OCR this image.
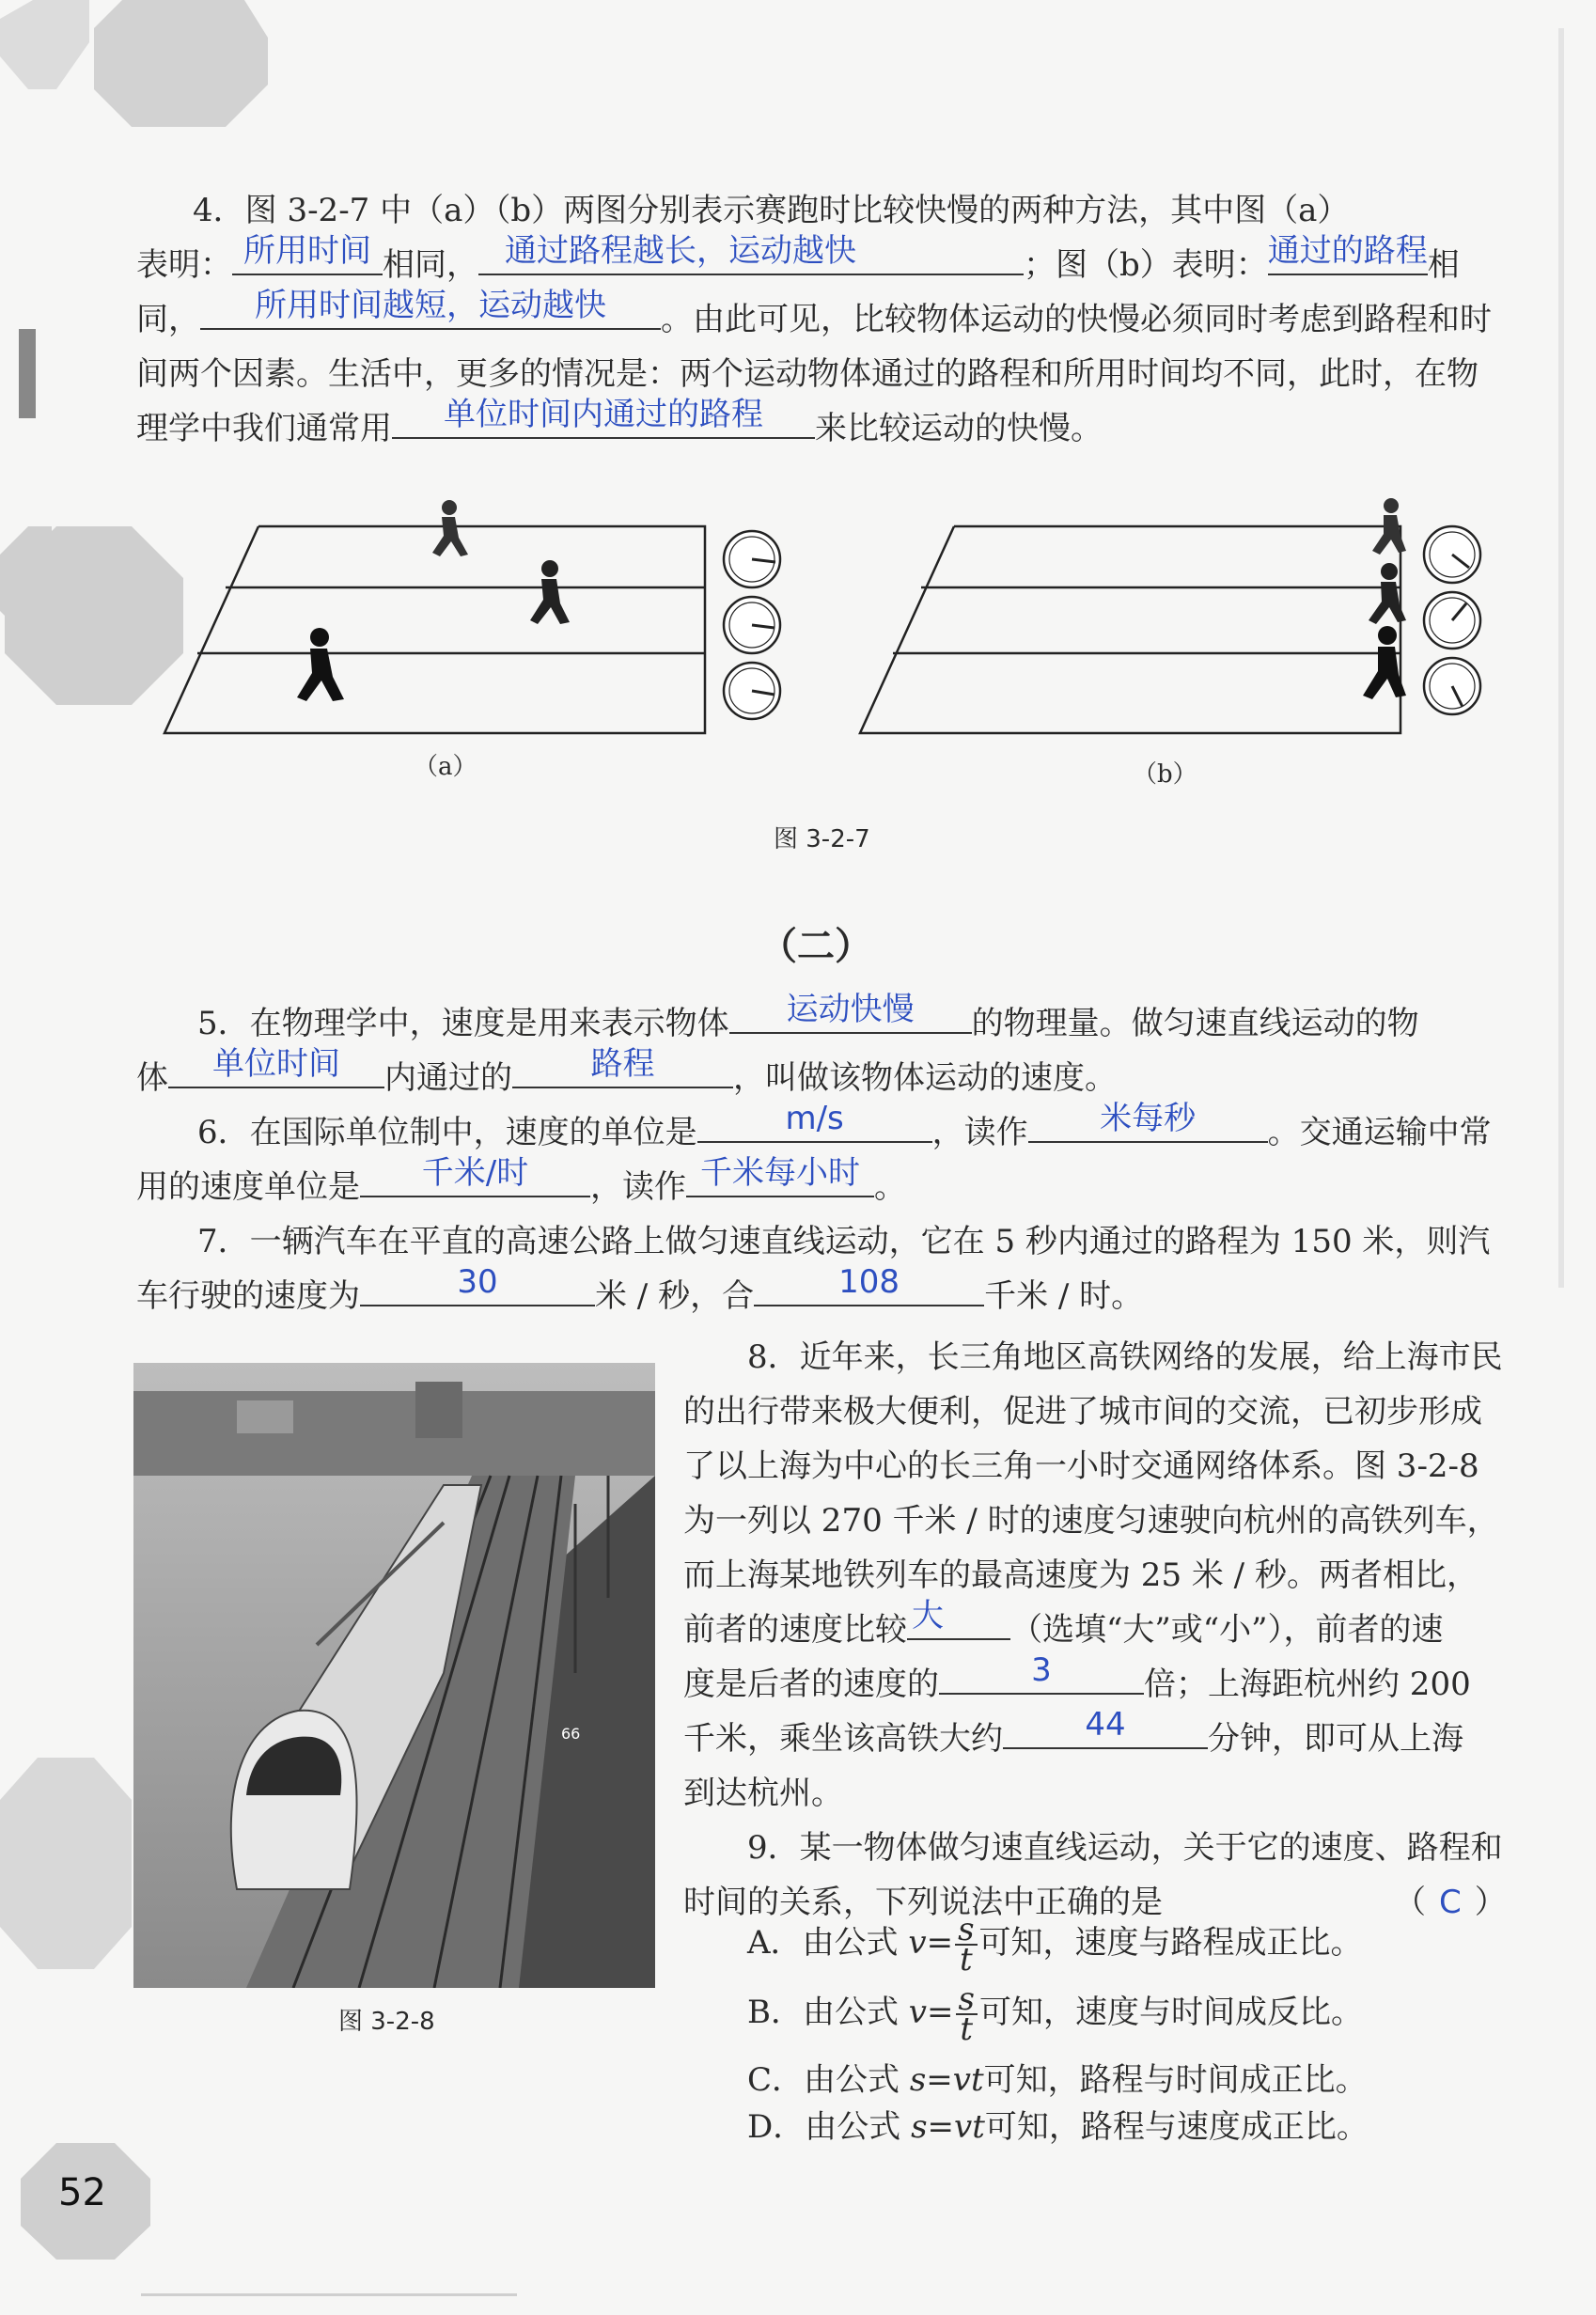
4．图 3-2-7 中（a）（b）两图分别表示赛跑时比较快慢的两种方法，其中图（a）
表明： 所用时间 相同， 通过路程越长，运动越快	；图（b）表明： 通过的路程 相
同，	所用时间越短，运动越快	。由此可见，比较物体运动的快慢必须同时考虑到路程和时
间两个因素。生活中，更多的情况是：两个运动物体通过的路程和所用时间均不同，此时，在物
理学中我们通常用	单位时间内通过的路程	来比较运动的快慢。
（a）	（b）
图 3-2-7
（二）
5．在物理学中，速度是用来表示物体	运动快慢	的物理量。做匀速直线运动的物
体	单位时间	内通过的	路程	，叫做该物体运动的速度。
6．在国际单位制中，速度的单位是	m/s	，读作	米每秒	。交通运输中常
用的速度单位是	千米/时	，读作 千米每小时 。
7．一辆汽车在平直的高速公路上做匀速直线运动，它在 5 秒内通过的路程为 150 米，则汽
车行驶的速度为	30	米 / 秒，合	108	千米 / 时。
66
图 3-2-8
8．近年来，长三角地区高铁网络的发展，给上海市民
的出行带来极大便利，促进了城市间的交流，已初步形成
了以上海为中心的长三角一小时交通网络体系。图 3-2-8
为一列以 270 千米 / 时的速度匀速驶向杭州的高铁列车，
而上海某地铁列车的最高速度为 25 米 / 秒。两者相比，
前者的速度比较 大	（选填“大”或“小”），前者的速
度是后者的速度的	3	倍；上海距杭州约 200
千米，乘坐该高铁大约	44	分钟，即可从上海
到达杭州。
9．某一物体做匀速直线运动，关于它的速度、路程和
时间的关系，下列说法中正确的是	（ C ）
A．由公式 $v= \frac{s}{t}$ 可知，速度与路程成正比。
B．由公式 $v= \frac{s}{t}$ 可知，速度与时间成反比。
C．由公式 s=vt可知，路程与时间成正比。
D．由公式 s=vt可知，路程与速度成正比。
52
